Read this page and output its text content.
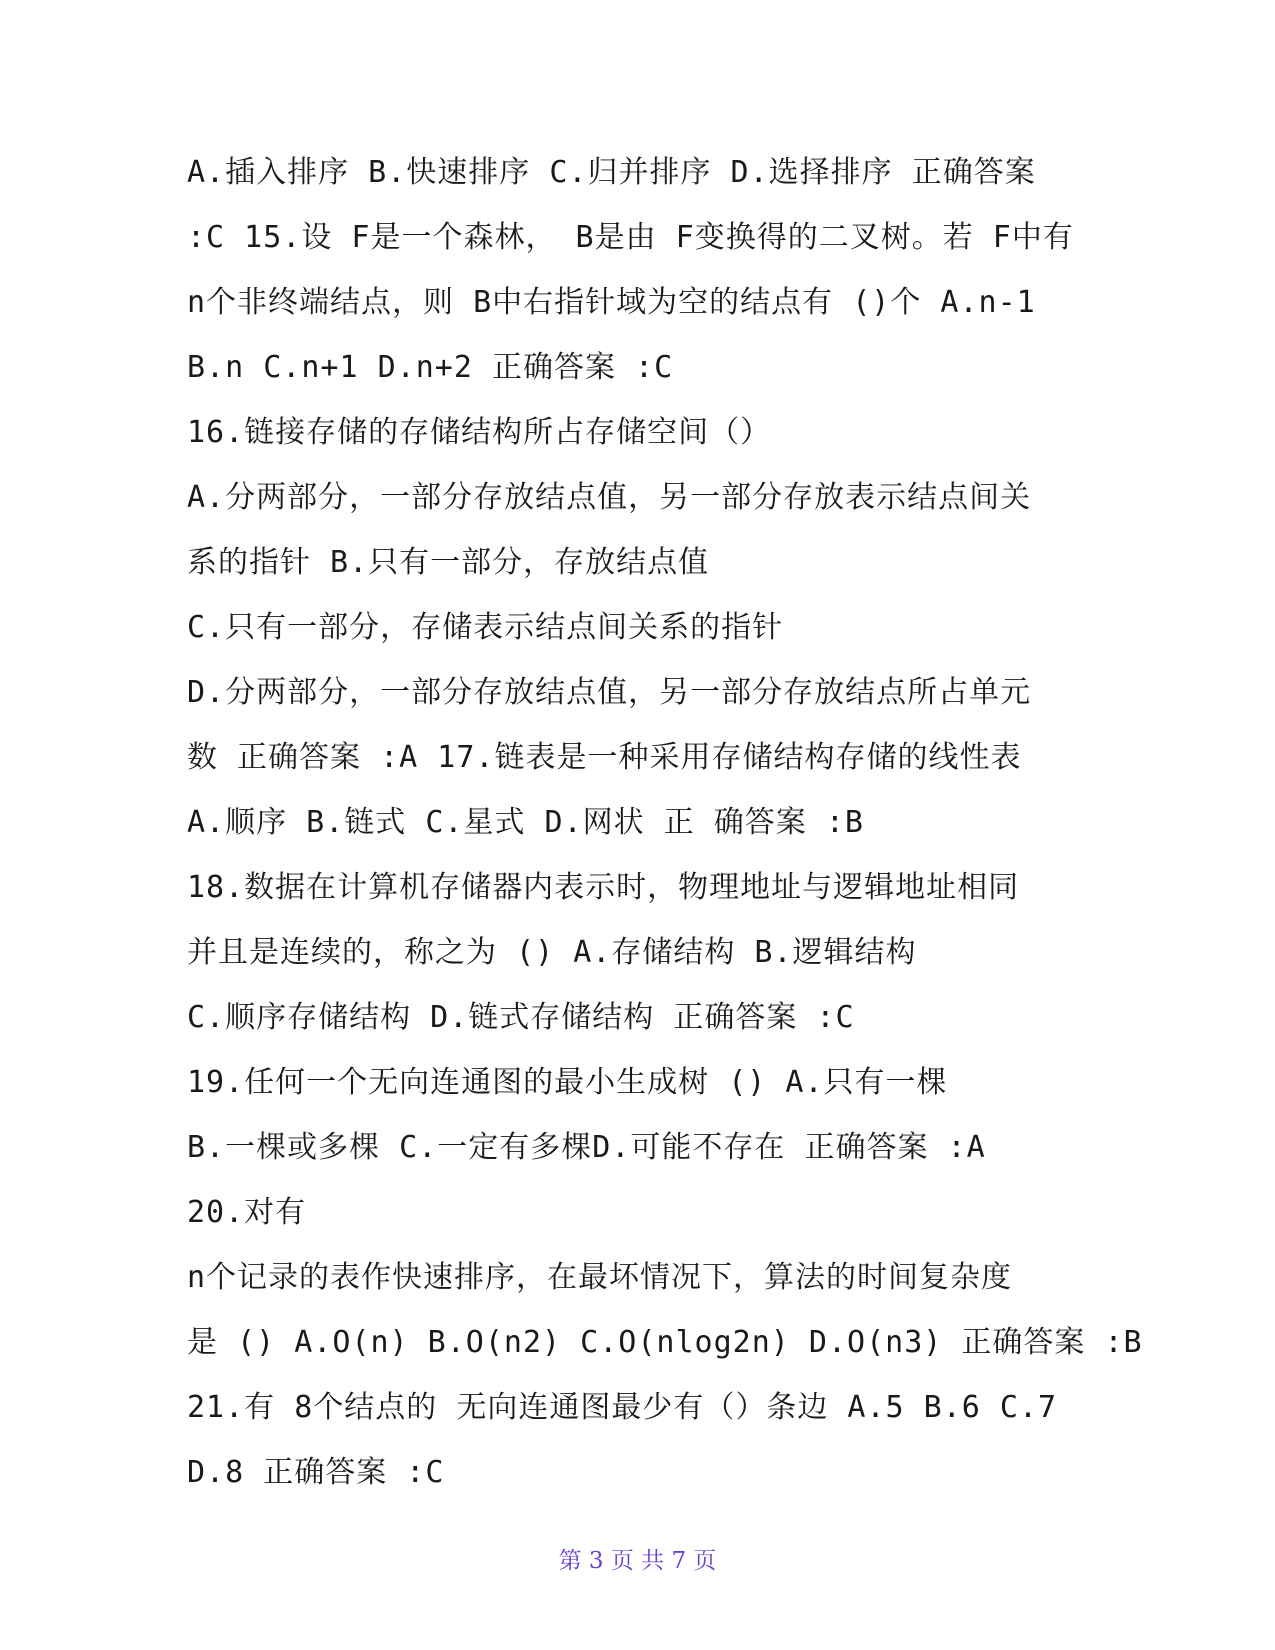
A.插入排序 B.快速排序 C.归并排序 D.选择排序 正确答案
:C 15.设 F是一个森林， B是由 F变换得的二叉树。若 F中有
n个非终端结点，则 B中右指针域为空的结点有 ()个 A.n-1
B.n C.n+1 D.n+2 正确答案 :C
16.链接存储的存储结构所占存储空间（）
A.分两部分，一部分存放结点值，另一部分存放表示结点间关
系的指针 B.只有一部分，存放结点值
C.只有一部分，存储表示结点间关系的指针
D.分两部分，一部分存放结点值，另一部分存放结点所占单元
数 正确答案 :A 17.链表是一种采用存储结构存储的线性表
A.顺序 B.链式 C.星式 D.网状 正 确答案 :B
18.数据在计算机存储器内表示时，物理地址与逻辑地址相同
并且是连续的，称之为 () A.存储结构 B.逻辑结构
C.顺序存储结构 D.链式存储结构 正确答案 :C
19.任何一个无向连通图的最小生成树 () A.只有一棵
B.一棵或多棵 C.一定有多棵D.可能不存在 正确答案 :A
20.对有
n个记录的表作快速排序，在最坏情况下，算法的时间复杂度
是 () A.O(n) B.O(n2) C.O(nlog2n) D.O(n3) 正确答案 :B
21.有 8个结点的 无向连通图最少有（）条边 A.5 B.6 C.7
D.8 正确答案 :C
第 3 页 共 7 页
